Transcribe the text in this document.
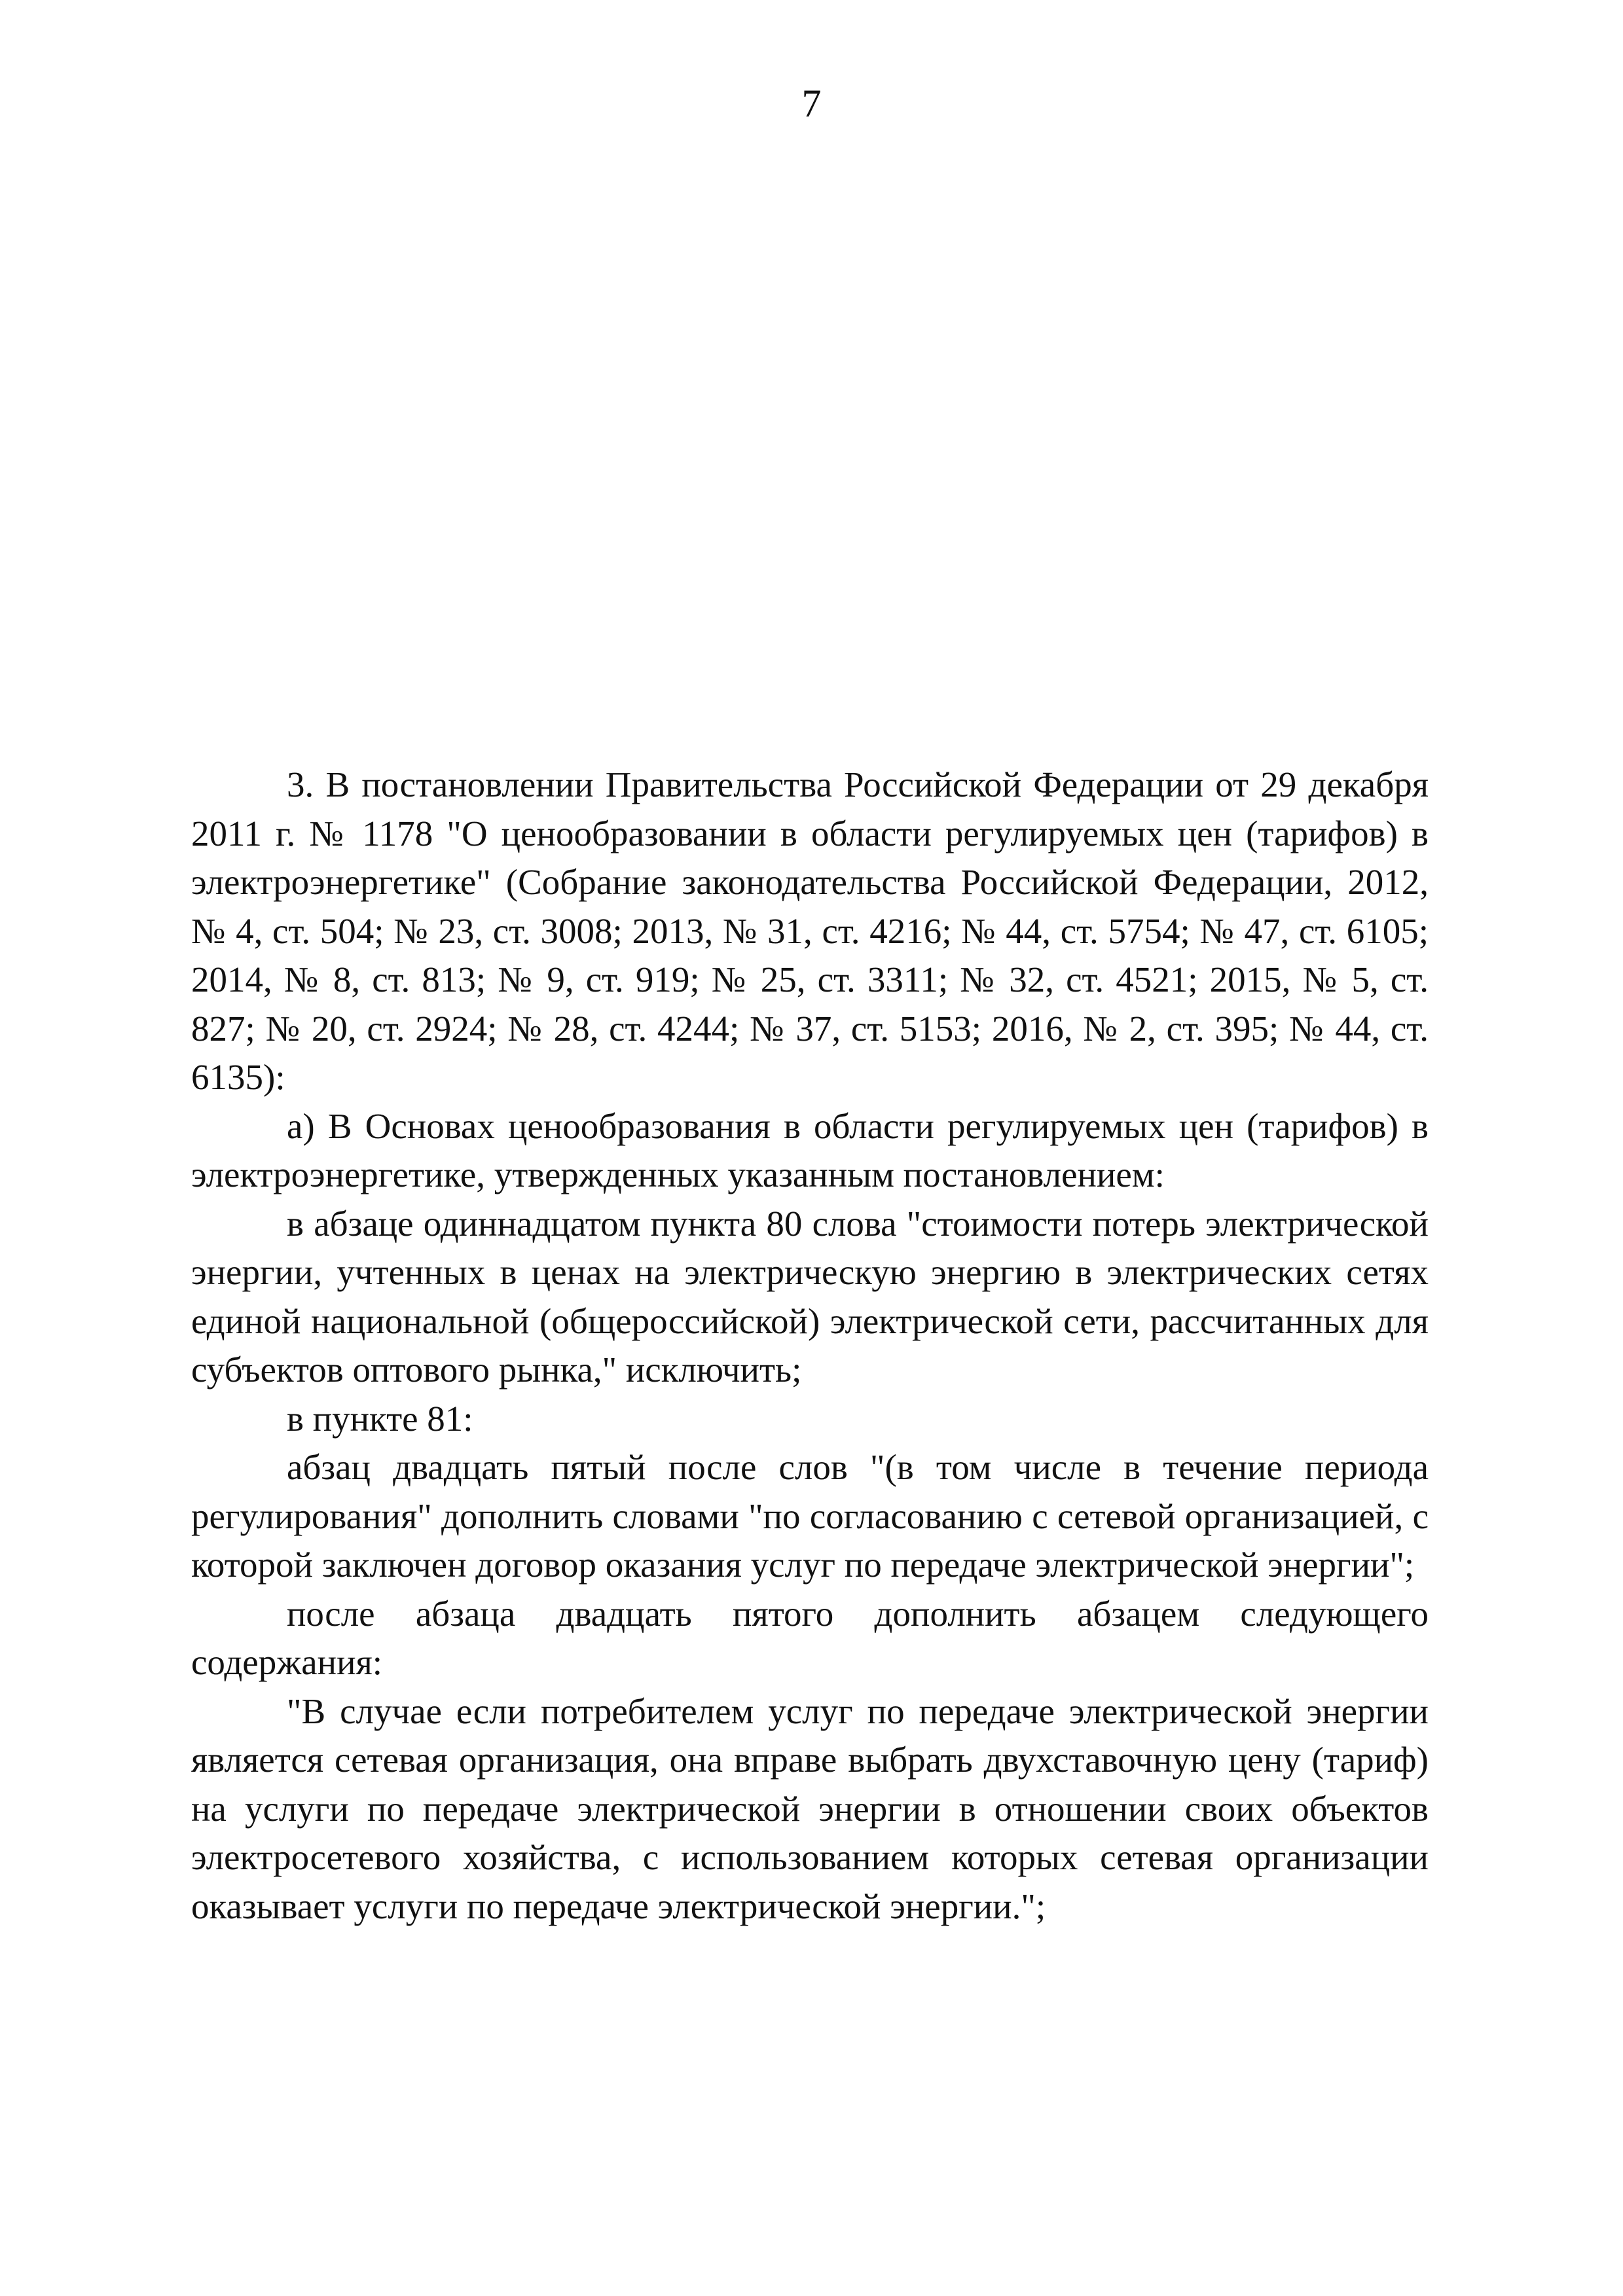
7

3. В постановлении Правительства Российской Федерации от 29 декабря 2011 г. № 1178 "О ценообразовании в области регулируемых цен (тарифов) в электроэнергетике" (Собрание законодательства Российской Федерации, 2012, № 4, ст. 504; № 23, ст. 3008; 2013, № 31, ст. 4216; № 44, ст. 5754; № 47, ст. 6105; 2014, № 8, ст. 813; № 9, ст. 919; № 25, ст. 3311; № 32, ст. 4521; 2015, № 5, ст. 827; № 20, ст. 2924; № 28, ст. 4244; № 37, ст. 5153; 2016, № 2, ст. 395; № 44, ст. 6135):

а) В Основах ценообразования в области регулируемых цен (тарифов) в электроэнергетике, утвержденных указанным постановлением:

в абзаце одиннадцатом пункта 80 слова "стоимости потерь электрической энергии, учтенных в ценах на электрическую энергию в электрических сетях единой национальной (общероссийской) электрической сети, рассчитанных для субъектов оптового рынка," исключить;

в пункте 81:

абзац двадцать пятый после слов "(в том числе в течение периода регулирования" дополнить словами "по согласованию с сетевой организацией, с которой заключен договор оказания услуг по передаче электрической энергии";

после абзаца двадцать пятого дополнить абзацем следующего содержания:

"В случае если потребителем услуг по передаче электрической энергии является сетевая организация, она вправе выбрать двухставочную цену (тариф) на услуги по передаче электрической энергии в отношении своих объектов электросетевого хозяйства, с использованием которых сетевая организации оказывает услуги по передаче электрической энергии.";
